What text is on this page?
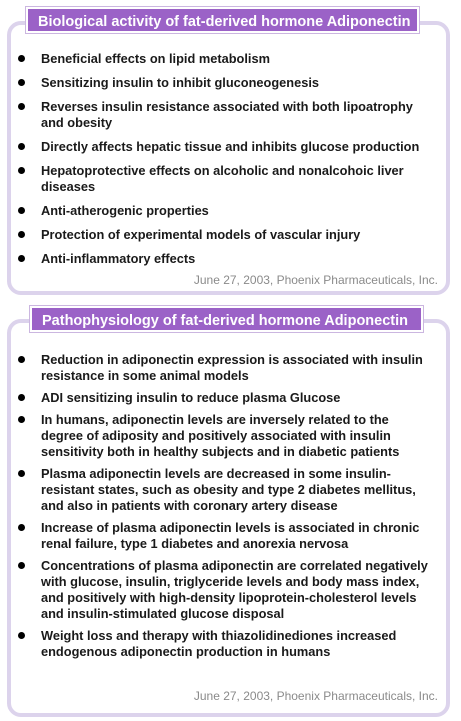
Biological activity of fat-derived hormone Adiponectin
Pathophysiology of fat-derived hormone Adiponectin
Beneficial effects on lipid metabolism
Sensitizing insulin to inhibit gluconeogenesis
Reverses insulin resistance associated with both lipoatrophy and obesity
Directly affects hepatic tissue and inhibits glucose production
Hepatoprotective effects on alcoholic and nonalcohoic liver diseases
Anti-atherogenic properties
Protection of experimental models of vascular injury
Anti-inflammatory effects
June 27, 2003, Phoenix Pharmaceuticals, Inc.
Reduction in adiponectin expression is associated with insulin resistance in some animal models
ADI sensitizing insulin to reduce plasma Glucose
In humans, adiponectin levels are inversely related to the degree of adiposity and positively associated with insulin sensitivity both in healthy subjects and in diabetic patients
Plasma adiponectin levels are decreased in some insulin-resistant states, such as obesity and type 2 diabetes mellitus, and also in patients with coronary artery disease
Increase of plasma adiponectin levels is associated in chronic renal failure, type 1 diabetes and anorexia nervosa
Concentrations of plasma adiponectin are correlated negatively with glucose, insulin, triglyceride levels and body mass index, and positively with high-density lipoprotein-cholesterol levels and insulin-stimulated glucose disposal
Weight loss and therapy with thiazolidinediones increased endogenous adiponectin production in humans
June 27, 2003, Phoenix Pharmaceuticals, Inc.
